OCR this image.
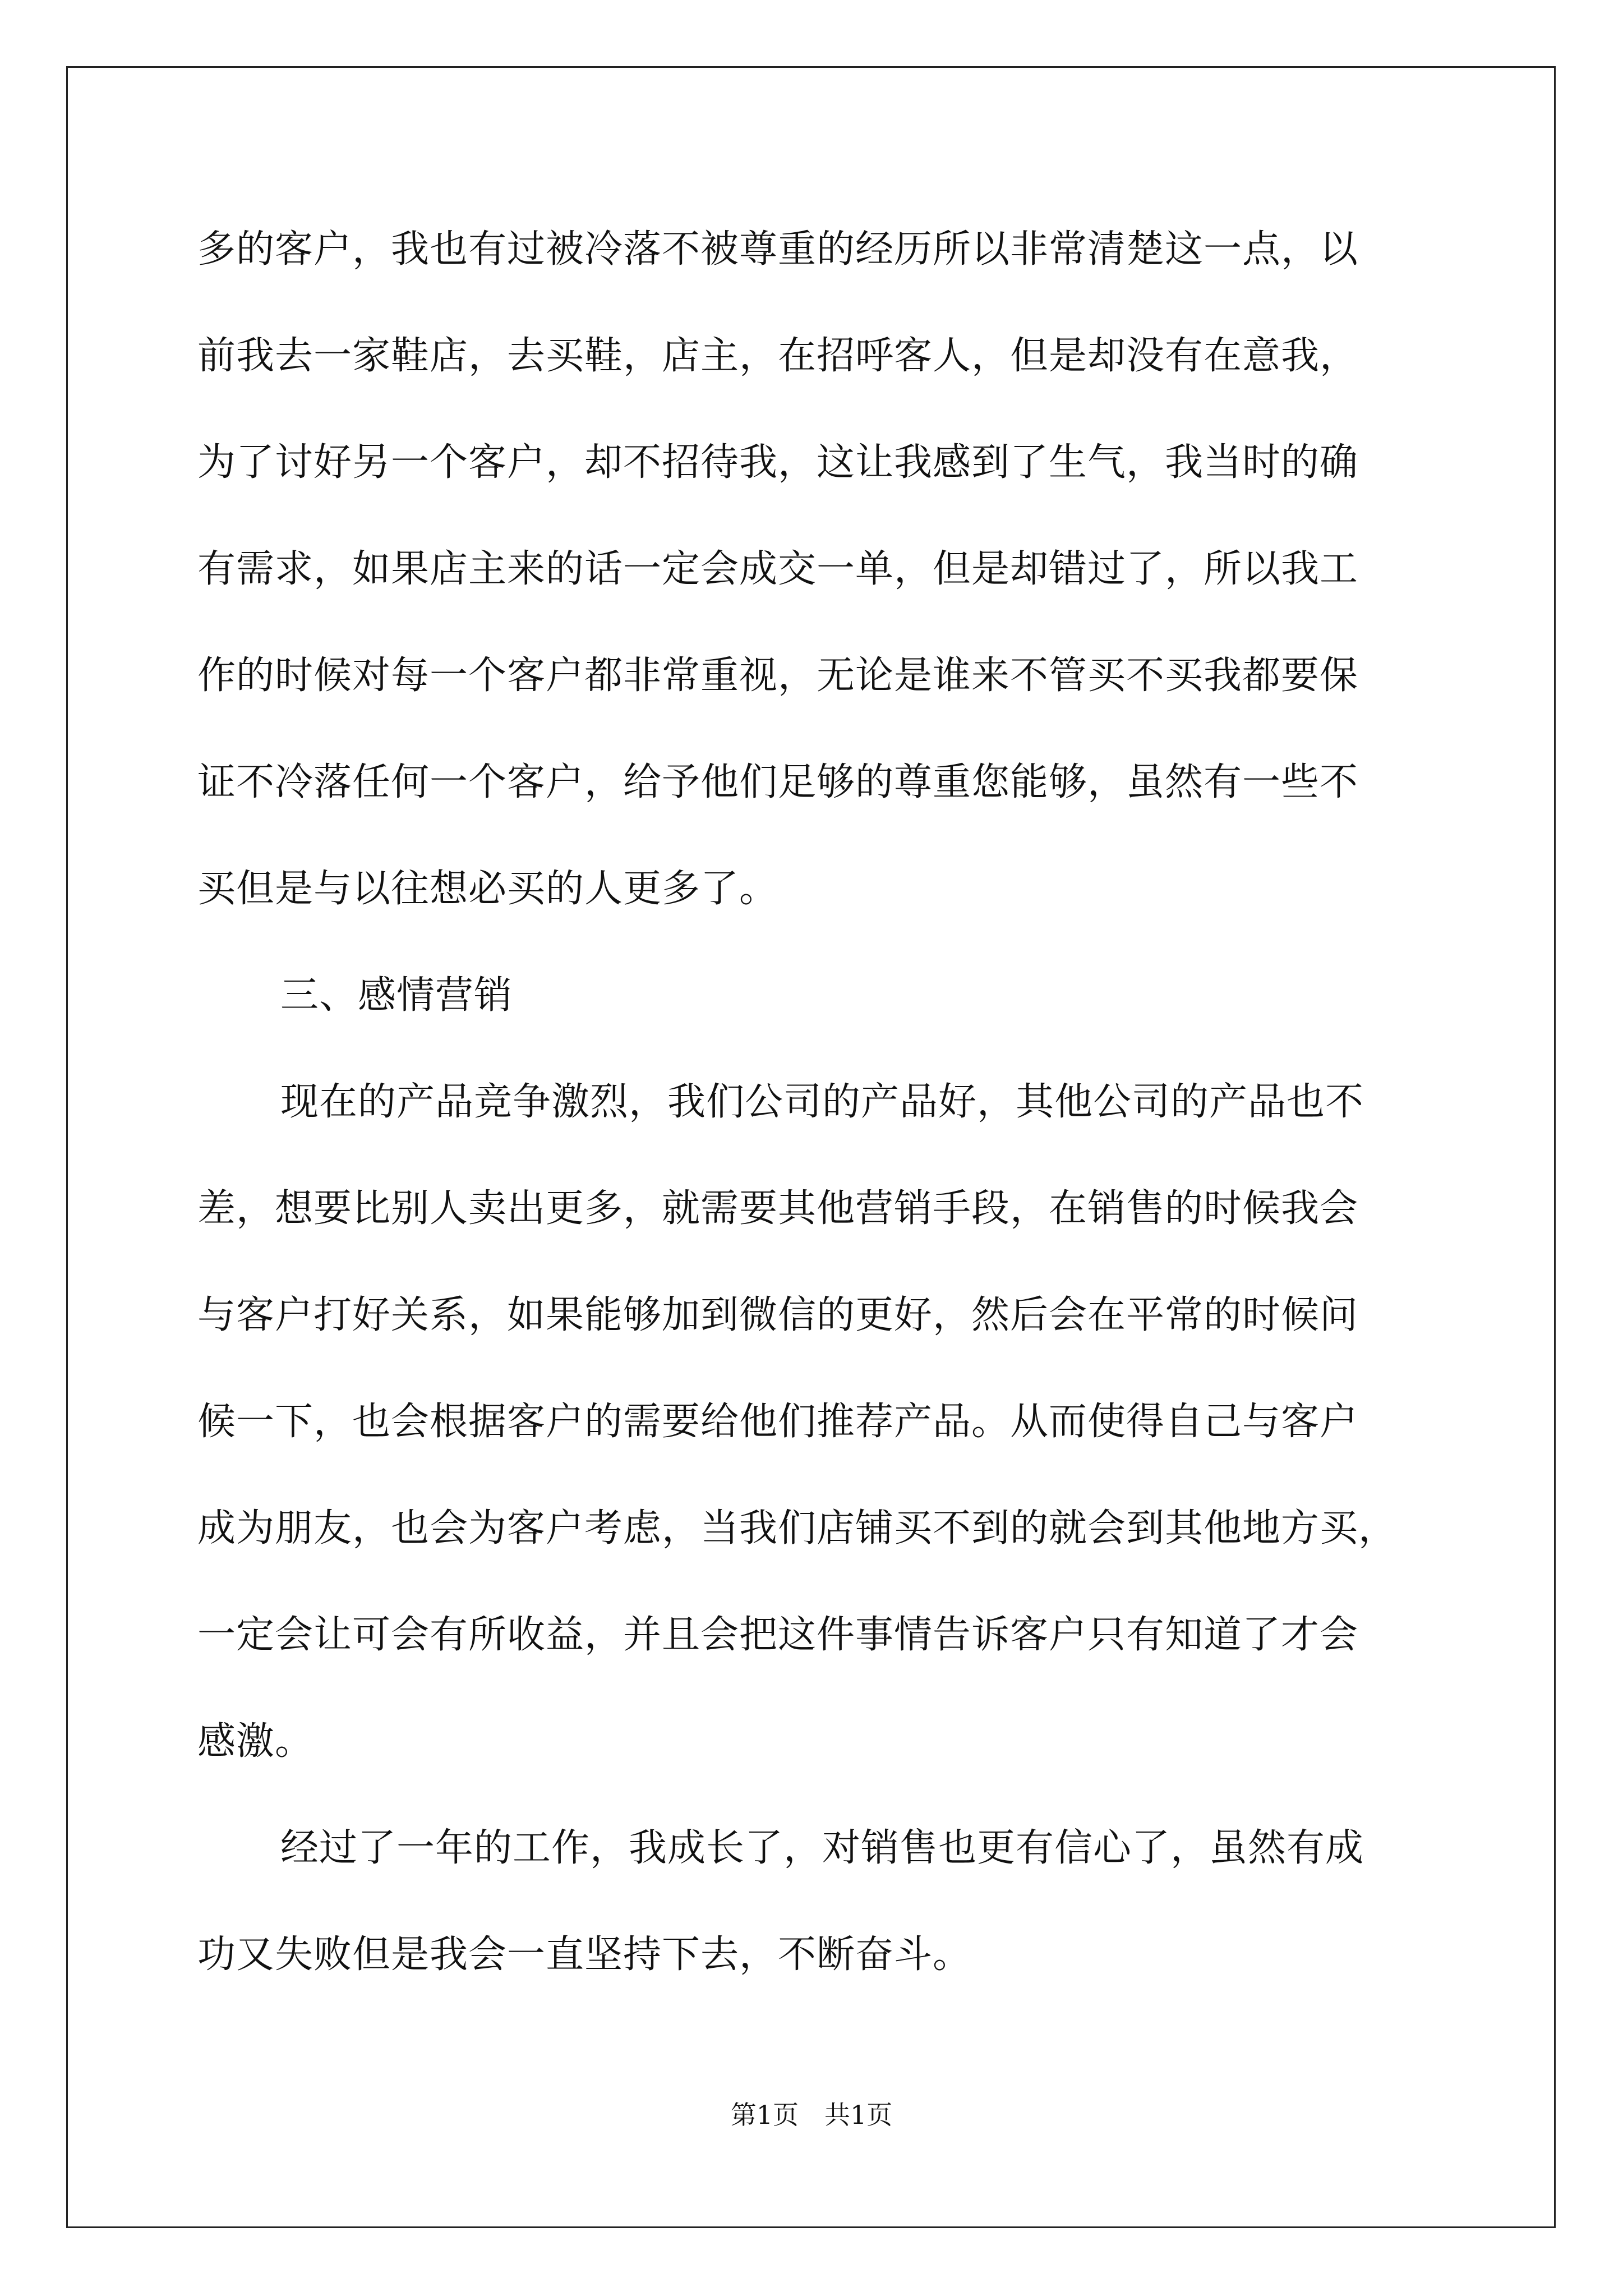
多的客户，我也有过被冷落不被尊重的经历所以非常清楚这一点，以
前我去一家鞋店，去买鞋，店主，在招呼客人，但是却没有在意我，
为了讨好另一个客户，却不招待我，这让我感到了生气，我当时的确
有需求，如果店主来的话一定会成交一单，但是却错过了，所以我工
作的时候对每一个客户都非常重视，无论是谁来不管买不买我都要保
证不冷落任何一个客户，给予他们足够的尊重您能够，虽然有一些不
买但是与以往想必买的人更多了。
三、感情营销
现在的产品竞争激烈，我们公司的产品好，其他公司的产品也不
差，想要比别人卖出更多，就需要其他营销手段，在销售的时候我会
与客户打好关系，如果能够加到微信的更好，然后会在平常的时候问
候一下，也会根据客户的需要给他们推荐产品。从而使得自己与客户
成为朋友，也会为客户考虑，当我们店铺买不到的就会到其他地方买，
一定会让可会有所收益，并且会把这件事情告诉客户只有知道了才会
感激。
经过了一年的工作，我成长了，对销售也更有信心了，虽然有成
功又失败但是我会一直坚持下去，不断奋斗。
第1页　共1页
